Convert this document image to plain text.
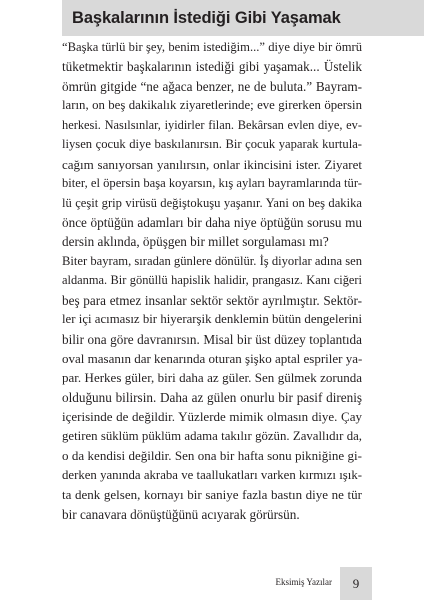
Başkalarının İstediği Gibi Yaşamak
“Başka türlü bir şey, benim istediğim...” diye diye bir ömrü
tüketmektir başkalarının istediği gibi yaşamak... Üstelik
ömrün gitgide “ne ağaca benzer, ne de buluta.” Bayram-
ların, on beş dakikalık ziyaretlerinde; eve girerken öpersin
herkesi. Nasılsınlar, iyidirler filan. Bekârsan evlen diye, ev-
liysen çocuk diye baskılanırsın. Bir çocuk yaparak kurtula-
cağım sanıyorsan yanılırsın, onlar ikincisini ister. Ziyaret
biter, el öpersin başa koyarsın, kış ayları bayramlarında tür-
lü çeşit grip virüsü değiştokuşu yaşanır. Yani on beş dakika
önce öptüğün adamları bir daha niye öptüğün sorusu mu
dersin aklında, öpüşgen bir millet sorgulaması mı?
Biter bayram, sıradan günlere dönülür. İş diyorlar adına sen
aldanma. Bir gönüllü hapislik halidir, prangasız. Kanı ciğeri
beş para etmez insanlar sektör sektör ayrılmıştır. Sektör-
ler içi acımasız bir hiyerarşik denklemin bütün dengelerini
bilir ona göre davranırsın. Misal bir üst düzey toplantıda
oval masanın dar kenarında oturan şişko aptal espriler ya-
par. Herkes güler, biri daha az güler. Sen gülmek zorunda
olduğunu bilirsin. Daha az gülen onurlu bir pasif direniş
içerisinde de değildir. Yüzlerde mimik olmasın diye. Çay
getiren süklüm püklüm adama takılır gözün. Zavallıdır da,
o da kendisi değildir. Sen ona bir hafta sonu pikniğine gi-
derken yanında akraba ve taallukatları varken kırmızı ışık-
ta denk gelsen, kornayı bir saniye fazla bastın diye ne tür
bir canavara dönüştüğünü acıyarak görürsün.
Eksimiş Yazılar 9
